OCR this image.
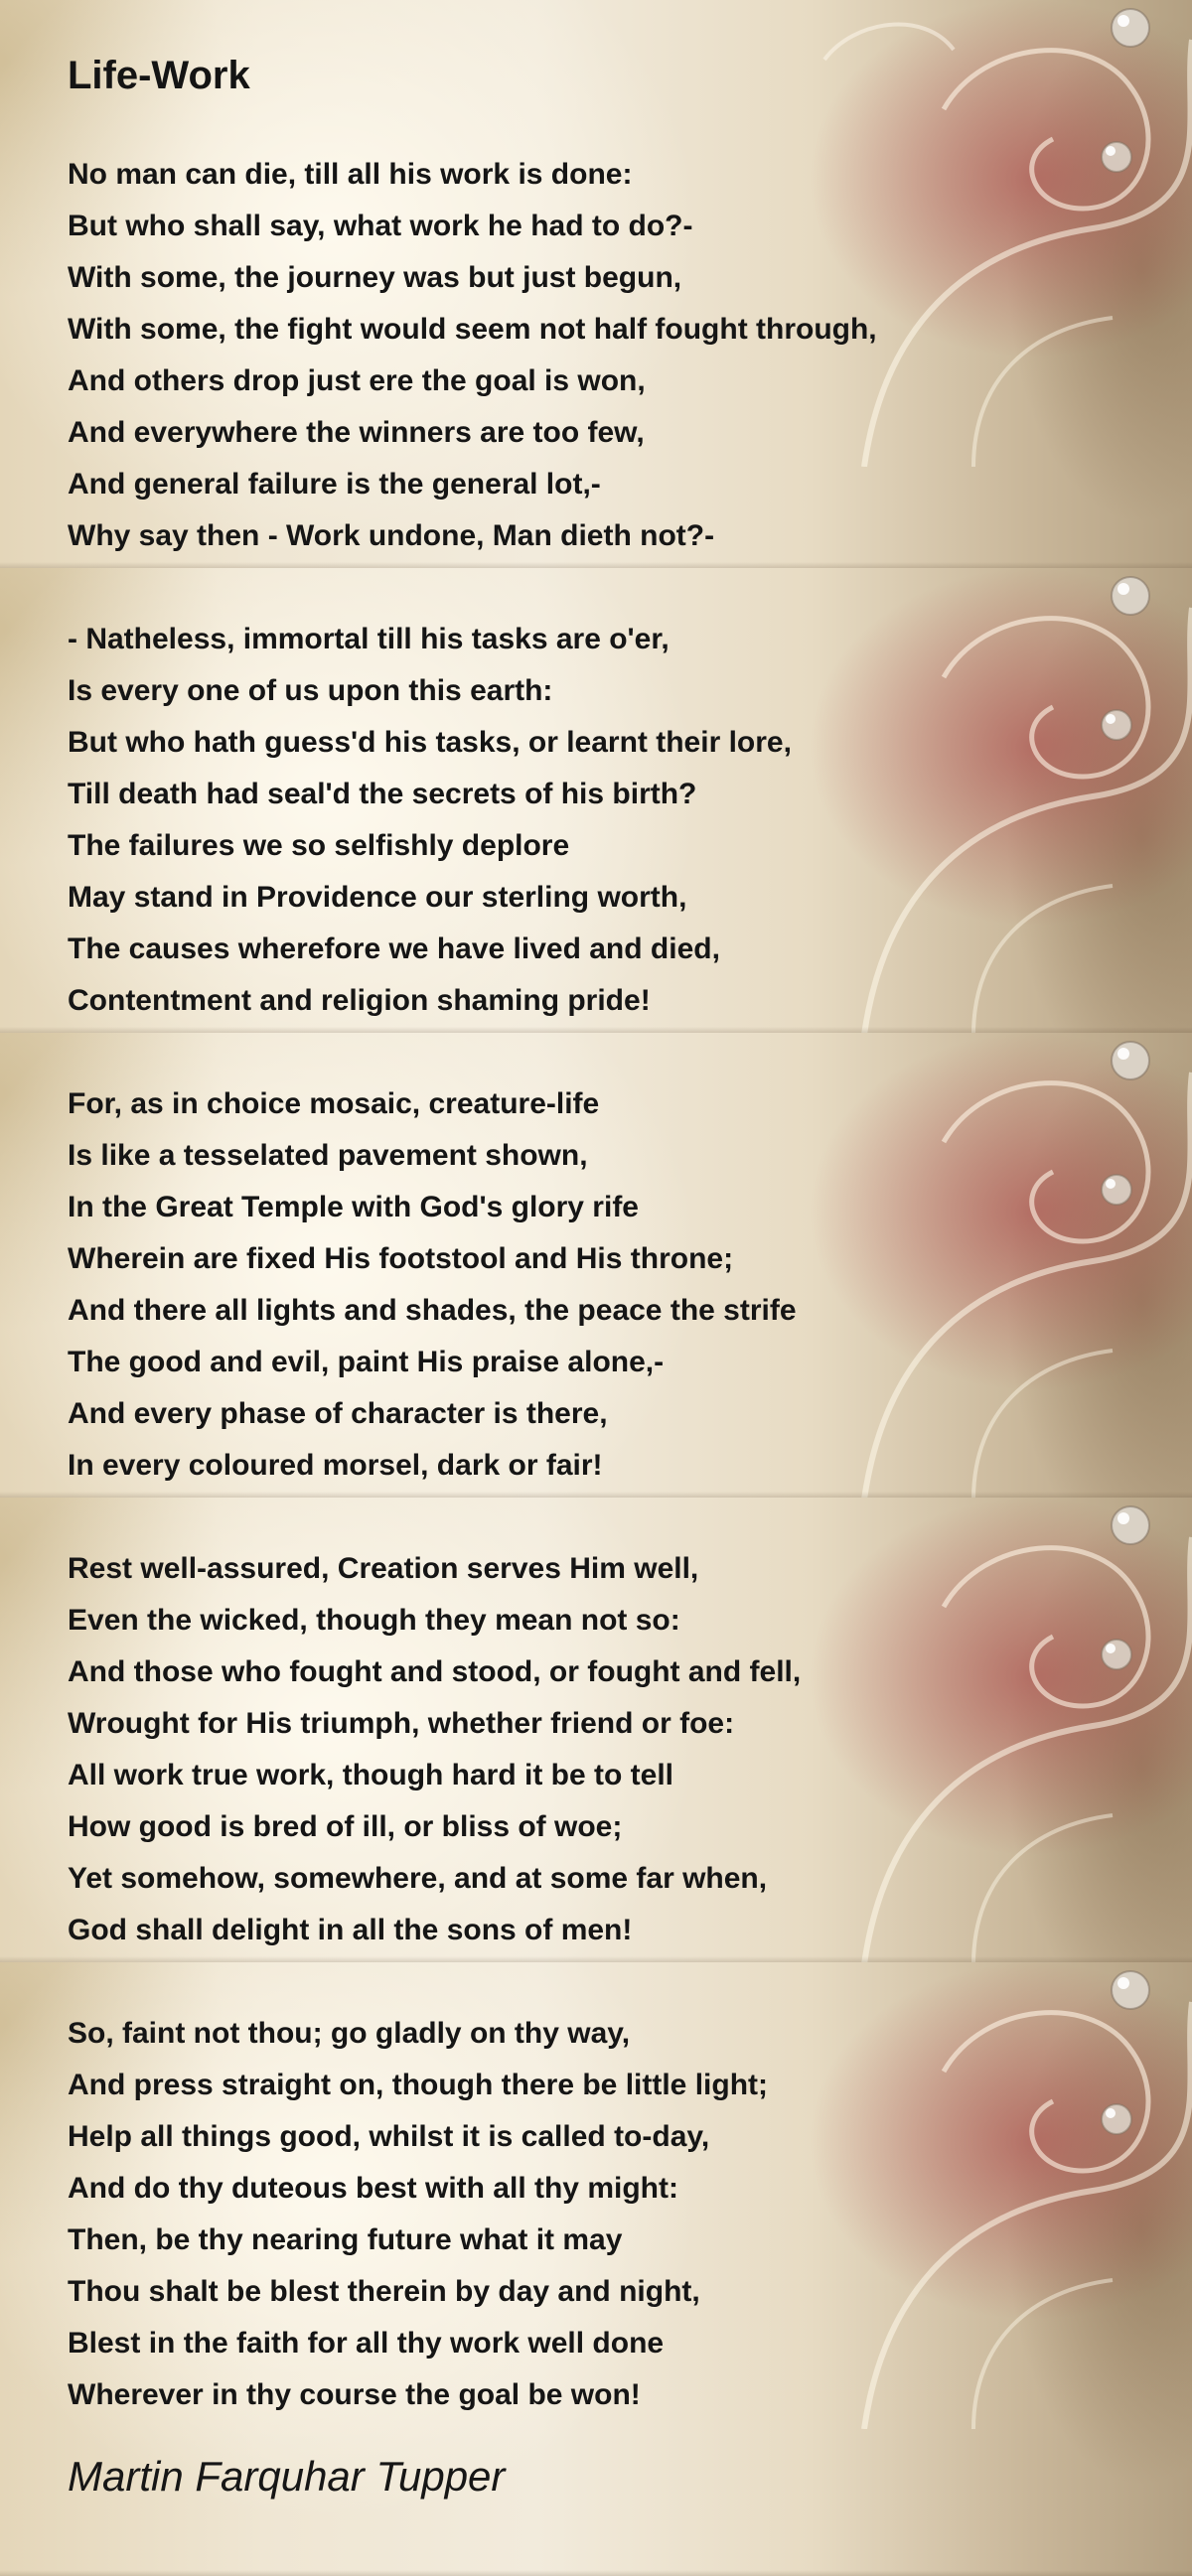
Life-Work
No man can die, till all his work is done:
But who shall say, what work he had to do?-
With some, the journey was but just begun,
With some, the fight would seem not half fought through,
And others drop just ere the goal is won,
And everywhere the winners are too few,
And general failure is the general lot,-
Why say then - Work undone, Man dieth not?-
- Natheless, immortal till his tasks are o'er,
Is every one of us upon this earth:
But who hath guess'd his tasks, or learnt their lore,
Till death had seal'd the secrets of his birth?
The failures we so selfishly deplore
May stand in Providence our sterling worth,
The causes wherefore we have lived and died,
Contentment and religion shaming pride!
For, as in choice mosaic, creature-life
Is like a tesselated pavement shown,
In the Great Temple with God's glory rife
Wherein are fixed His footstool and His throne;
And there all lights and shades, the peace the strife
The good and evil, paint His praise alone,-
And every phase of character is there,
In every coloured morsel, dark or fair!
Rest well-assured, Creation serves Him well,
Even the wicked, though they mean not so:
And those who fought and stood, or fought and fell,
Wrought for His triumph, whether friend or foe:
All work true work, though hard it be to tell
How good is bred of ill, or bliss of woe;
Yet somehow, somewhere, and at some far when,
God shall delight in all the sons of men!
So, faint not thou; go gladly on thy way,
And press straight on, though there be little light;
Help all things good, whilst it is called to-day,
And do thy duteous best with all thy might:
Then, be thy nearing future what it may
Thou shalt be blest therein by day and night,
Blest in the faith for all thy work well done
Wherever in thy course the goal be won!

Martin Farquhar Tupper
